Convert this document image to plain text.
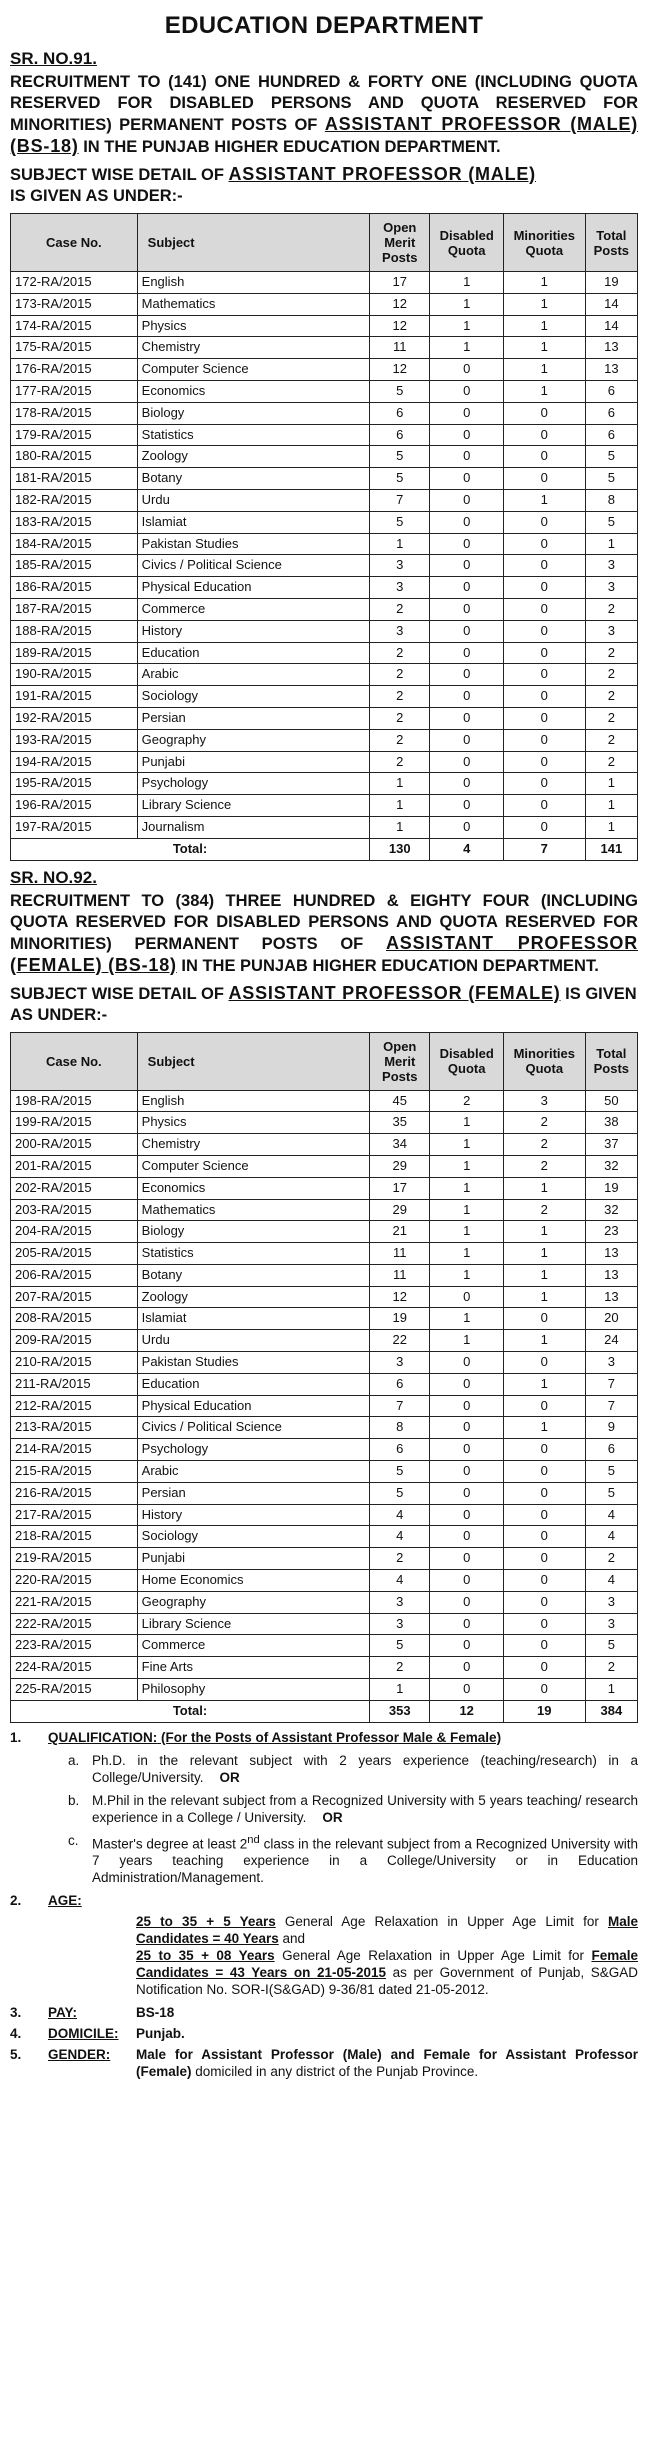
EDUCATION DEPARTMENT
SR. NO.91.

RECRUITMENT TO (141) ONE HUNDRED & FORTY ONE (INCLUDING QUOTA RESERVED FOR DISABLED PERSONS AND QUOTA RESERVED FOR MINORITIES) PERMANENT POSTS OF ASSISTANT PROFESSOR (MALE) (BS-18) IN THE PUNJAB HIGHER EDUCATION DEPARTMENT.

SUBJECT WISE DETAIL OF ASSISTANT PROFESSOR (MALE)
IS GIVEN AS UNDER:-
Case No.	Subject	Open Merit Posts	Disabled Quota	Minorities Quota	Total Posts
172-RA/2015	English	17	1	1	19
173-RA/2015	Mathematics	12	1	1	14
174-RA/2015	Physics	12	1	1	14
175-RA/2015	Chemistry	11	1	1	13
176-RA/2015	Computer Science	12	0	1	13
177-RA/2015	Economics	5	0	1	6
178-RA/2015	Biology	6	0	0	6
179-RA/2015	Statistics	6	0	0	6
180-RA/2015	Zoology	5	0	0	5
181-RA/2015	Botany	5	0	0	5
182-RA/2015	Urdu	7	0	1	8
183-RA/2015	Islamiat	5	0	0	5
184-RA/2015	Pakistan Studies	1	0	0	1
185-RA/2015	Civics / Political Science	3	0	0	3
186-RA/2015	Physical Education	3	0	0	3
187-RA/2015	Commerce	2	0	0	2
188-RA/2015	History	3	0	0	3
189-RA/2015	Education	2	0	0	2
190-RA/2015	Arabic	2	0	0	2
191-RA/2015	Sociology	2	0	0	2
192-RA/2015	Persian	2	0	0	2
193-RA/2015	Geography	2	0	0	2
194-RA/2015	Punjabi	2	0	0	2
195-RA/2015	Psychology	1	0	0	1
196-RA/2015	Library Science	1	0	0	1
197-RA/2015	Journalism	1	0	0	1
Total:		130	4	7	141
SR. NO.92.

RECRUITMENT TO (384) THREE HUNDRED & EIGHTY FOUR (INCLUDING QUOTA RESERVED FOR DISABLED PERSONS AND QUOTA RESERVED FOR MINORITIES) PERMANENT POSTS OF ASSISTANT PROFESSOR (FEMALE) (BS-18) IN THE PUNJAB HIGHER EDUCATION DEPARTMENT.

SUBJECT WISE DETAIL OF ASSISTANT PROFESSOR (FEMALE) IS GIVEN AS UNDER:-
Case No.	Subject	Open Merit Posts	Disabled Quota	Minorities Quota	Total Posts
198-RA/2015	English	45	2	3	50
199-RA/2015	Physics	35	1	2	38
200-RA/2015	Chemistry	34	1	2	37
201-RA/2015	Computer Science	29	1	2	32
202-RA/2015	Economics	17	1	1	19
203-RA/2015	Mathematics	29	1	2	32
204-RA/2015	Biology	21	1	1	23
205-RA/2015	Statistics	11	1	1	13
206-RA/2015	Botany	11	1	1	13
207-RA/2015	Zoology	12	0	1	13
208-RA/2015	Islamiat	19	1	0	20
209-RA/2015	Urdu	22	1	1	24
210-RA/2015	Pakistan Studies	3	0	0	3
211-RA/2015	Education	6	0	1	7
212-RA/2015	Physical Education	7	0	0	7
213-RA/2015	Civics / Political Science	8	0	1	9
214-RA/2015	Psychology	6	0	0	6
215-RA/2015	Arabic	5	0	0	5
216-RA/2015	Persian	5	0	0	5
217-RA/2015	History	4	0	0	4
218-RA/2015	Sociology	4	0	0	4
219-RA/2015	Punjabi	2	0	0	2
220-RA/2015	Home Economics	4	0	0	4
221-RA/2015	Geography	3	0	0	3
222-RA/2015	Library Science	3	0	0	3
223-RA/2015	Commerce	5	0	0	5
224-RA/2015	Fine Arts	2	0	0	2
225-RA/2015	Philosophy	1	0	0	1
Total:		353	12	19	384
1.	QUALIFICATION: (For the Posts of Assistant Professor Male & Female)
a. Ph.D. in the relevant subject with 2 years experience (teaching/research) in a College/University. OR
b. M.Phil in the relevant subject from a Recognized University with 5 years teaching/ research experience in a College / University. OR
c. Master's degree at least 2nd class in the relevant subject from a Recognized University with 7 years teaching experience in a College/University or in Education Administration/Management.
2.	AGE:
25 to 35 + 5 Years General Age Relaxation in Upper Age Limit for Male Candidates = 40 Years and
25 to 35 + 08 Years General Age Relaxation in Upper Age Limit for Female Candidates = 43 Years on 21-05-2015 as per Government of Punjab, S&GAD Notification No. SOR-I(S&GAD) 9-36/81 dated 21-05-2012.
3.	PAY:	BS-18
4.	DOMICILE:	Punjab.
5.	GENDER:	Male for Assistant Professor (Male) and Female for Assistant Professor (Female) domiciled in any district of the Punjab Province.
